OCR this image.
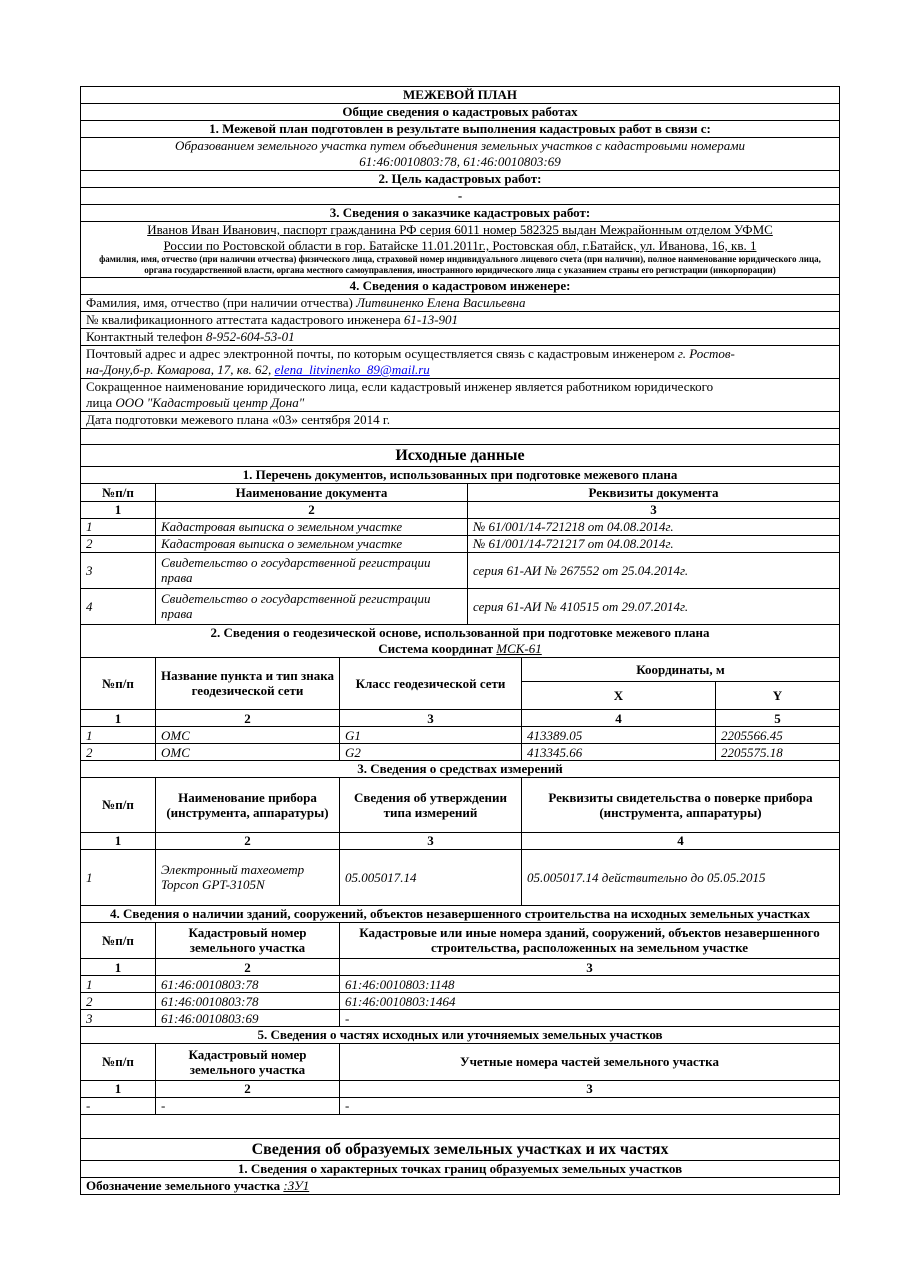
МЕЖЕВОЙ ПЛАН
Общие сведения о кадастровых работах
1. Межевой план подготовлен в результате выполнения кадастровых работ в связи с:
Образованием земельного участка путем объединения земельных участков с кадастровыми номерами
61:46:0010803:78, 61:46:0010803:69
2. Цель кадастровых работ:
-
3. Сведения о заказчике кадастровых работ:
Иванов Иван Иванович, паспорт гражданина РФ серия 6011 номер 582325 выдан Межрайонным отделом УФМС
России по Ростовской области в гор. Батайске 11.01.2011г., Ростовская обл, г.Батайск, ул. Иванова, 16, кв. 1
фамилия, имя, отчество (при наличии отчества) физического лица, страховой номер индивидуального лицевого счета (при наличии), полное наименование юридического лица, органа государственной власти, органа местного самоуправления, иностранного юридического лица с указанием страны его регистрации (инкорпорации)
4. Сведения о кадастровом инженере:
Фамилия, имя, отчество (при наличии отчества) Литвиненко Елена Васильевна
№ квалификационного аттестата кадастрового инженера 61-13-901
Контактный телефон 8-952-604-53-01
Почтовый адрес и адрес электронной почты, по которым осуществляется связь с кадастровым инженером г. Ростов-
на-Дону,б-р. Комарова, 17, кв. 62, elena_litvinenko_89@mail.ru
Сокращенное наименование юридического лица, если кадастровый инженер является работником юридического
лица ООО "Кадастровый центр Дона"
Дата подготовки межевого плана «03» сентября 2014 г.
Исходные данные
1. Перечень документов, использованных при подготовке межевого плана
№п/п	Наименование документа	Реквизиты документа
1	2	3
1	Кадастровая выписка о земельном участке	№ 61/001/14-721218 от 04.08.2014г.
2	Кадастровая выписка о земельном участке	№ 61/001/14-721217 от 04.08.2014г.
3	Свидетельство о государственной регистрации права	серия 61-АИ № 267552 от 25.04.2014г.
4	Свидетельство о государственной регистрации права	серия 61-АИ № 410515 от 29.07.2014г.
2. Сведения о геодезической основе, использованной при подготовке межевого плана
Система координат МСК-61
№п/п	Название пункта и тип знака геодезической сети	Класс геодезической сети	Координаты, м	
			X	Y
1	2	3	4	5
1	ОМС	G1	413389.05	2205566.45
2	ОМС	G2	413345.66	2205575.18
3. Сведения о средствах измерений
№п/п	Наименование прибора (инструмента, аппаратуры)	Сведения об утверждении типа измерений	Реквизиты свидетельства о поверке прибора (инструмента, аппаратуры)
1	2	3	4
1	Электронный тахеометр Topcon GPT-3105N	05.005017.14	05.005017.14 действительно до 05.05.2015
4. Сведения о наличии зданий, сооружений, объектов незавершенного строительства на исходных земельных участках
№п/п	Кадастровый номер земельного участка	Кадастровые или иные номера зданий, сооружений, объектов незавершенного строительства, расположенных на земельном участке
1	2	3
1	61:46:0010803:78	61:46:0010803:1148
2	61:46:0010803:78	61:46:0010803:1464
3	61:46:0010803:69	-
5. Сведения о частях исходных или уточняемых земельных участков
№п/п	Кадастровый номер земельного участка	Учетные номера частей земельного участка
1	2	3
-	-	-
Сведения об образуемых земельных участках и их частях
1. Сведения о характерных точках границ образуемых земельных участков
Обозначение земельного участка :ЗУ1
